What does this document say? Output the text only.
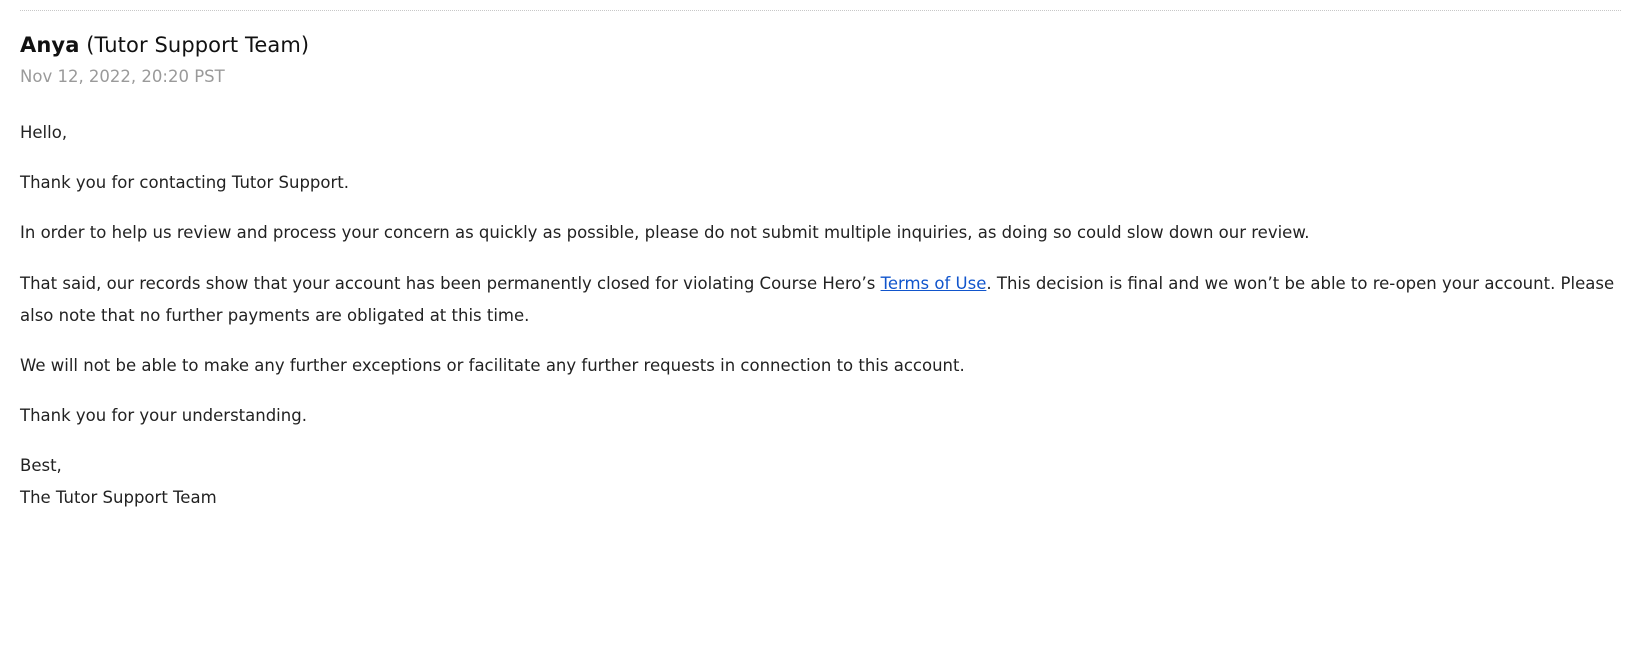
Anya (Tutor Support Team)
Nov 12, 2022, 20:20 PST

Hello,

Thank you for contacting Tutor Support.

In order to help us review and process your concern as quickly as possible, please do not submit multiple inquiries, as doing so could slow down our review.

That said, our records show that your account has been permanently closed for violating Course Hero’s Terms of Use. This decision is final and we won’t be able to re-open your account. Please also note that no further payments are obligated at this time.

We will not be able to make any further exceptions or facilitate any further requests in connection to this account.

Thank you for your understanding.

Best,

The Tutor Support Team
